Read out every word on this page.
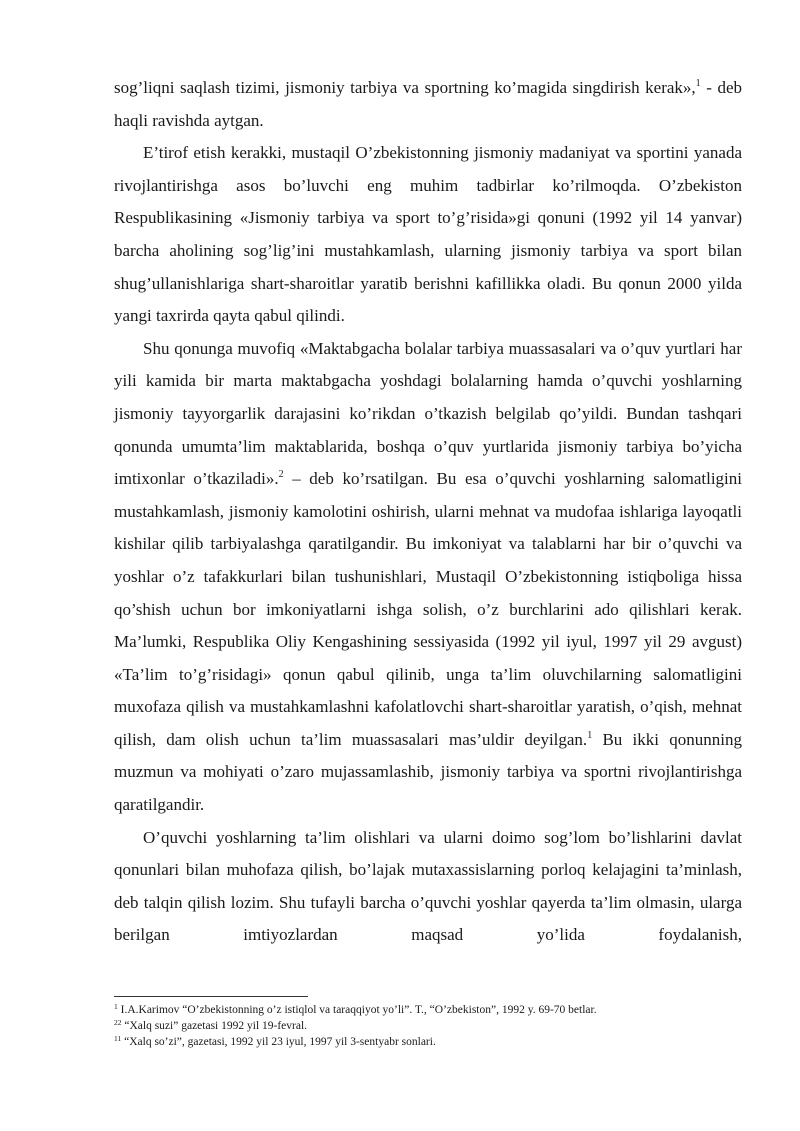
sog’liqni saqlash tizimi, jismoniy tarbiya va sportning ko’magida singdirish kerak»,$^1$ - deb haqli ravishda aytgan.

E’tirof etish kerakki, mustaqil O’zbekistonning jismoniy madaniyat va sportini yanada rivojlantirishga asos bo’luvchi eng muhim tadbirlar ko’rilmoqda. O’zbekiston Respublikasining «Jismoniy tarbiya va sport to’g’risida»gi qonuni (1992 yil 14 yanvar) barcha aholining sog’lig’ini mustahkamlash, ularning jismoniy tarbiya va sport bilan shug’ullanishlariga shart-sharoitlar yaratib berishni kafillikka oladi. Bu qonun 2000 yilda yangi taxrirda qayta qabul qilindi.

Shu qonunga muvofiq «Maktabgacha bolalar tarbiya muassasalari va o’quv yurtlari har yili kamida bir marta maktabgacha yoshdagi bolalarning hamda o’quvchi yoshlarning jismoniy tayyorgarlik darajasini ko’rikdan o’tkazish belgilab qo’yildi. Bundan tashqari qonunda umumta’lim maktablarida, boshqa o’quv yurtlarida jismoniy tarbiya bo’yicha imtixonlar o’tkaziladi».$^2$ – deb ko’rsatilgan. Bu esa o’quvchi yoshlarning salomatligini mustahkamlash, jismoniy kamolotini oshirish, ularni mehnat va mudofaa ishlariga layoqatli kishilar qilib tarbiyalashga qaratilgandir. Bu imkoniyat va talablarni har bir o’quvchi va yoshlar o’z tafakkurlari bilan tushunishlari, Mustaqil O’zbekistonning istiqboliga hissa qo’shish uchun bor imkoniyatlarni ishga solish, o’z burchlarini ado qilishlari kerak. Ma’lumki, Respublika Oliy Kengashining sessiyasida (1992 yil iyul, 1997 yil 29 avgust) «Ta’lim to’g’risidagi» qonun qabul qilinib, unga ta’lim oluvchilarning salomatligini muxofaza qilish va mustahkamlashni kafolatlovchi shart-sharoitlar yaratish, o’qish, mehnat qilish, dam olish uchun ta’lim muassasalari mas’uldir deyilgan.$^1$ Bu ikki qonunning muzmun va mohiyati o’zaro mujassamlashib, jismoniy tarbiya va sportni rivojlantirishga qaratilgandir.

O’quvchi yoshlarning ta’lim olishlari va ularni doimo sog’lom bo’lishlarini davlat qonunlari bilan muhofaza qilish, bo’lajak mutaxassislarning porloq kelajagini ta’minlash, deb talqin qilish lozim. Shu tufayli barcha o’quvchi yoshlar qayerda ta’lim olmasin, ularga berilgan imtiyozlardan maqsad yo’lida foydalanish,

$^1$ I.A.Karimov “O’zbekistonning o’z istiqlol va taraqqiyot yo’li”. T., “O’zbekiston”, 1992 y. 69-70 betlar.
$^{22}$ “Xalq suzi” gazetasi 1992 yil 19-fevral.
$^{11}$ “Xalq so’zi”, gazetasi, 1992 yil 23 iyul, 1997 yil 3-sentyabr sonlari.
